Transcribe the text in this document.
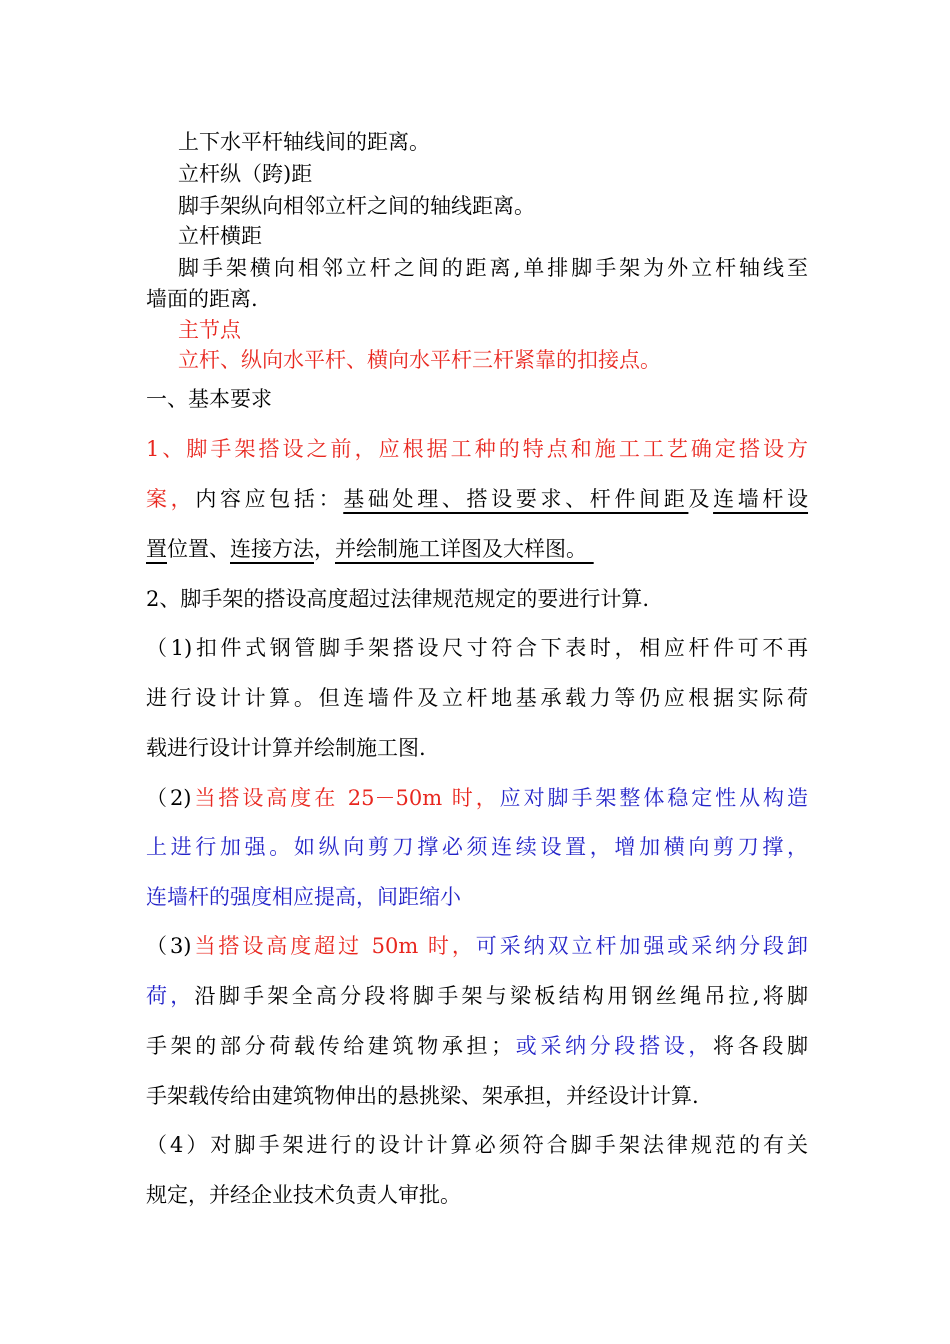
上下水平杆轴线间的距离。
立杆纵（跨)距
脚手架纵向相邻立杆之间的轴线距离。
立杆横距
脚手架横向相邻立杆之间的距离,单排脚手架为外立杆轴线至
墙面的距离.
主节点
立杆、纵向水平杆、横向水平杆三杆紧靠的扣接点。
一、基本要求
1、脚手架搭设之前，应根据工种的特点和施工工艺确定搭设方
案，内容应包括：基础处理、搭设要求、杆件间距及连墙杆设
置位置、连接方法，并绘制施工详图及大样图。
2、脚手架的搭设高度超过法律规范规定的要进行计算.
（1)扣件式钢管脚手架搭设尺寸符合下表时，相应杆件可不再
进行设计计算。但连墙件及立杆地基承载力等仍应根据实际荷
载进行设计计算并绘制施工图.
（2)当搭设高度在 25－50m 时，应对脚手架整体稳定性从构造
上进行加强。如纵向剪刀撑必须连续设置，增加横向剪刀撑，
连墙杆的强度相应提高，间距缩小
（3)当搭设高度超过 50m 时，可采纳双立杆加强或采纳分段卸
荷，沿脚手架全高分段将脚手架与梁板结构用钢丝绳吊拉,将脚
手架的部分荷载传给建筑物承担；或采纳分段搭设，将各段脚
手架载传给由建筑物伸出的悬挑梁、架承担，并经设计计算.
（4）对脚手架进行的设计计算必须符合脚手架法律规范的有关
规定，并经企业技术负责人审批。
